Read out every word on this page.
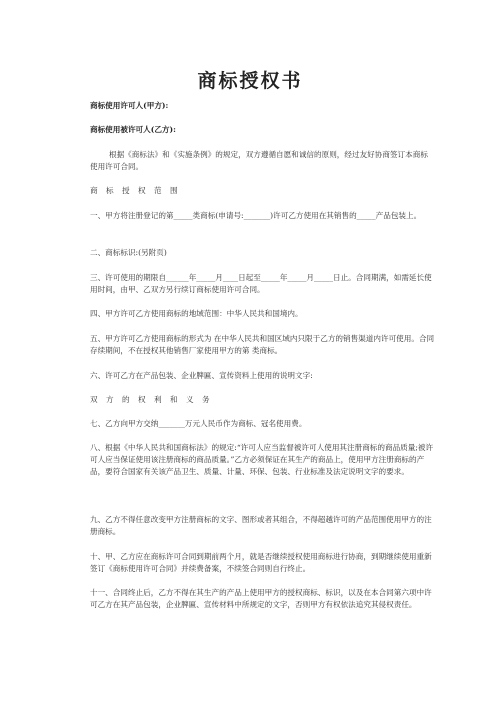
商标授权书
商标使用许可人(甲方):
商标使用被许可人(乙方):
根据《商标法》和《实施条例》的规定，双方遵循自愿和诚信的原则，经过友好协商签订本商标使用许可合同。
商 标 授 权 范 围
一、甲方将注册登记的第_____类商标(申请号:_______)许可乙方使用在其销售的_____产品包装上。
二、商标标识:(另附页)
三、许可使用的期限自______年_____月____日起至_____年_____月_____日止。合同期满，如需延长使用时间，由甲、乙双方另行续订商标使用许可合同。
四、甲方许可乙方使用商标的地域范围：中华人民共和国境内。
五、甲方许可乙方使用商标的形式为 在中华人民共和国区域内只限于乙方的销售渠道内许可使用。合同存续期间，不在授权其他销售厂家使用甲方的第 类商标。
六、许可乙方在产品包装、企业脾匾、宣传资料上使用的说明文字:
双 方 的 权 利 和 义 务
七、乙方向甲方交纳_______万元人民币作为商标、冠名使用费。
八、根据《中华人民共和国商标法》的规定:“许可人应当监督被许可人使用其注册商标的商品质量;被许可人应当保证使用该注册商标的商品质量。”乙方必须保证在其生产的商品上，使用甲方注册商标的产品，要符合国家有关该产品卫生、质量、计量、环保、包装、行业标准及法定说明文字的要求。
九、乙方不得任意改变甲方注册商标的文字、图形或者其组合，不得超越许可的产品范围使用甲方的注册商标。
十、甲、乙方应在商标许可合同到期前两个月，就是否继续授权使用商标进行协商，到期继续使用重新签订《商标使用许可合同》并续费备案，不续签合同则自行终止。
十一、合同终止后，乙方不得在其生产的产品上使用甲方的授权商标、标识，以及在本合同第六项中许可乙方在其产品包装，企业脾匾、宣传材料中所规定的文字，否则甲方有权依法追究其侵权责任。
